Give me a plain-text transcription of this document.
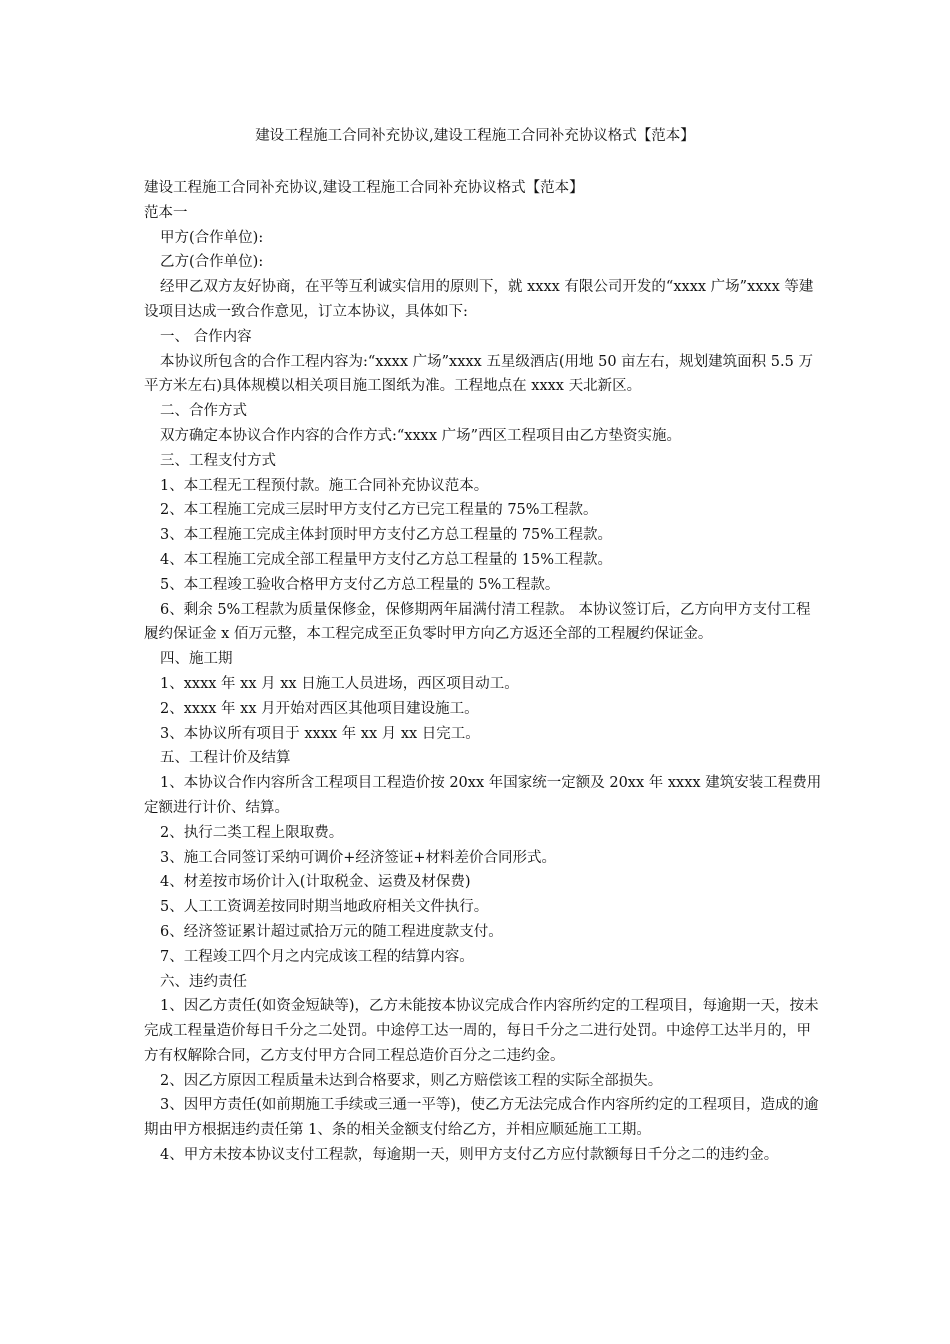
建设工程施工合同补充协议,建设工程施工合同补充协议格式【范本】

建设工程施工合同补充协议,建设工程施工合同补充协议格式【范本】

范本一

甲方(合作单位):

乙方(合作单位):

经甲乙双方友好协商，在平等互利诚实信用的原则下，就 xxxx 有限公司开发的“xxxx 广场”xxxx 等建设项目达成一致合作意见，订立本协议，具体如下:

一、 合作内容

本协议所包含的合作工程内容为:“xxxx 广场”xxxx 五星级酒店(用地 50 亩左右，规划建筑面积 5.5 万平方米左右)具体规模以相关项目施工图纸为准。工程地点在 xxxx 天北新区。

二、合作方式

双方确定本协议合作内容的合作方式:“xxxx 广场”西区工程项目由乙方垫资实施。

三、工程支付方式

1、本工程无工程预付款。施工合同补充协议范本。

2、本工程施工完成三层时甲方支付乙方已完工程量的 75%工程款。

3、本工程施工完成主体封顶时甲方支付乙方总工程量的 75%工程款。

4、本工程施工完成全部工程量甲方支付乙方总工程量的 15%工程款。

5、本工程竣工验收合格甲方支付乙方总工程量的 5%工程款。

6、剩余 5%工程款为质量保修金，保修期两年届满付清工程款。 本协议签订后，乙方向甲方支付工程履约保证金 x 佰万元整，本工程完成至正负零时甲方向乙方返还全部的工程履约保证金。

四、施工期

1、xxxx 年 xx 月 xx 日施工人员进场，西区项目动工。

2、xxxx 年 xx 月开始对西区其他项目建设施工。

3、本协议所有项目于 xxxx 年 xx 月 xx 日完工。

五、工程计价及结算

1、本协议合作内容所含工程项目工程造价按 20xx 年国家统一定额及 20xx 年 xxxx 建筑安装工程费用定额进行计价、结算。

2、执行二类工程上限取费。

3、施工合同签订采纳可调价+经济签证+材料差价合同形式。

4、材差按市场价计入(计取税金、运费及材保费)

5、人工工资调差按同时期当地政府相关文件执行。

6、经济签证累计超过贰拾万元的随工程进度款支付。

7、工程竣工四个月之内完成该工程的结算内容。

六、违约责任

1、因乙方责任(如资金短缺等)，乙方未能按本协议完成合作内容所约定的工程项目，每逾期一天，按未完成工程量造价每日千分之二处罚。中途停工达一周的，每日千分之二进行处罚。中途停工达半月的，甲方有权解除合同，乙方支付甲方合同工程总造价百分之二违约金。

2、因乙方原因工程质量未达到合格要求，则乙方赔偿该工程的实际全部损失。

3、因甲方责任(如前期施工手续或三通一平等)，使乙方无法完成合作内容所约定的工程项目，造成的逾期由甲方根据违约责任第 1、条的相关金额支付给乙方，并相应顺延施工工期。

4、甲方未按本协议支付工程款，每逾期一天，则甲方支付乙方应付款额每日千分之二的违约金。
